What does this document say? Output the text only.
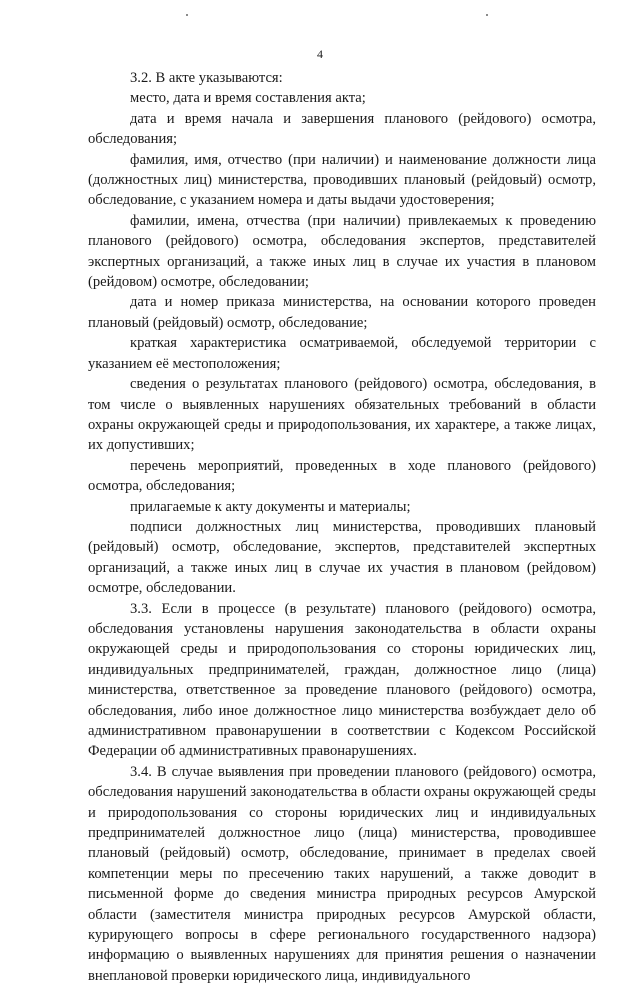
4

3.2. В акте указываются:

место, дата и время составления акта;

дата и время начала и завершения планового (рейдового) осмотра, обследования;

фамилия, имя, отчество (при наличии) и наименование должности лица (должностных лиц) министерства, проводивших плановый (рейдовый) осмотр, обследование, с указанием номера и даты выдачи удостоверения;

фамилии, имена, отчества (при наличии) привлекаемых к проведению планового (рейдового) осмотра, обследования экспертов, представителей экспертных организаций, а также иных лиц в случае их участия в плановом (рейдовом) осмотре, обследовании;

дата и номер приказа министерства, на основании которого проведен плановый (рейдовый) осмотр, обследование;

краткая характеристика осматриваемой, обследуемой территории с указанием её местоположения;

сведения о результатах планового (рейдового) осмотра, обследования, в том числе о выявленных нарушениях обязательных требований в области охраны окружающей среды и природопользования, их характере, а также лицах, их допустивших;

перечень мероприятий, проведенных в ходе планового (рейдового) осмотра, обследования;

прилагаемые к акту документы и материалы;

подписи должностных лиц министерства, проводивших плановый (рейдовый) осмотр, обследование, экспертов, представителей экспертных организаций, а также иных лиц в случае их участия в плановом (рейдовом) осмотре, обследовании.

3.3. Если в процессе (в результате) планового (рейдового) осмотра, обследования установлены нарушения законодательства в области охраны окружающей среды и природопользования со стороны юридических лиц, индивидуальных предпринимателей, граждан, должностное лицо (лица) министерства, ответственное за проведение планового (рейдового) осмотра, обследования, либо иное должностное лицо министерства возбуждает дело об административном правонарушении в соответствии с Кодексом Российской Федерации об административных правонарушениях.

3.4. В случае выявления при проведении планового (рейдового) осмотра, обследования нарушений законодательства в области охраны окружающей среды и природопользования со стороны юридических лиц и индивидуальных предпринимателей должностное лицо (лица) министерства, проводившее плановый (рейдовый) осмотр, обследование, принимает в пределах своей компетенции меры по пресечению таких нарушений, а также доводит в письменной форме до сведения министра природных ресурсов Амурской области (заместителя министра природных ресурсов Амурской области, курирующего вопросы в сфере регионального государственного надзора) информацию о выявленных нарушениях для принятия решения о назначении внеплановой проверки юридического лица, индивидуального
